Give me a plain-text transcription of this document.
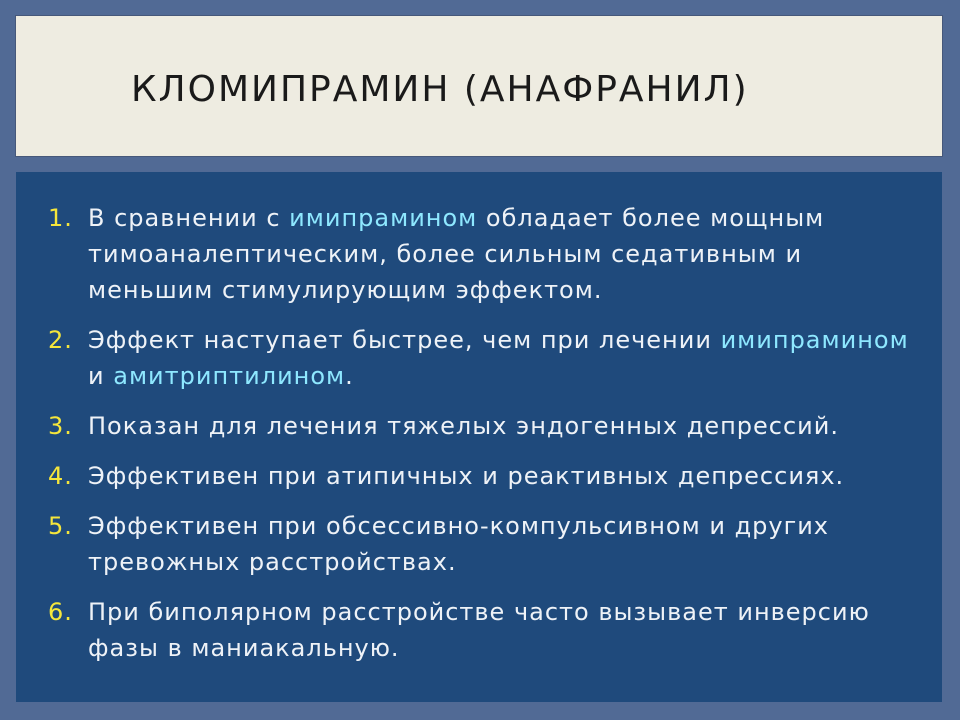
КЛОМИПРАМИН (АНАФРАНИЛ)
1. В сравнении с имипрамином обладает более мощным тимоаналептическим, более сильным седативным и меньшим стимулирующим эффектом.
2. Эффект наступает быстрее, чем при лечении имипрамином и амитриптилином.
3. Показан для лечения тяжелых эндогенных депрессий.
4. Эффективен при атипичных и реактивных депрессиях.
5. Эффективен при обсессивно-компульсивном и других тревожных расстройствах.
6. При биполярном расстройстве часто вызывает инверсию фазы в маниакальную.
